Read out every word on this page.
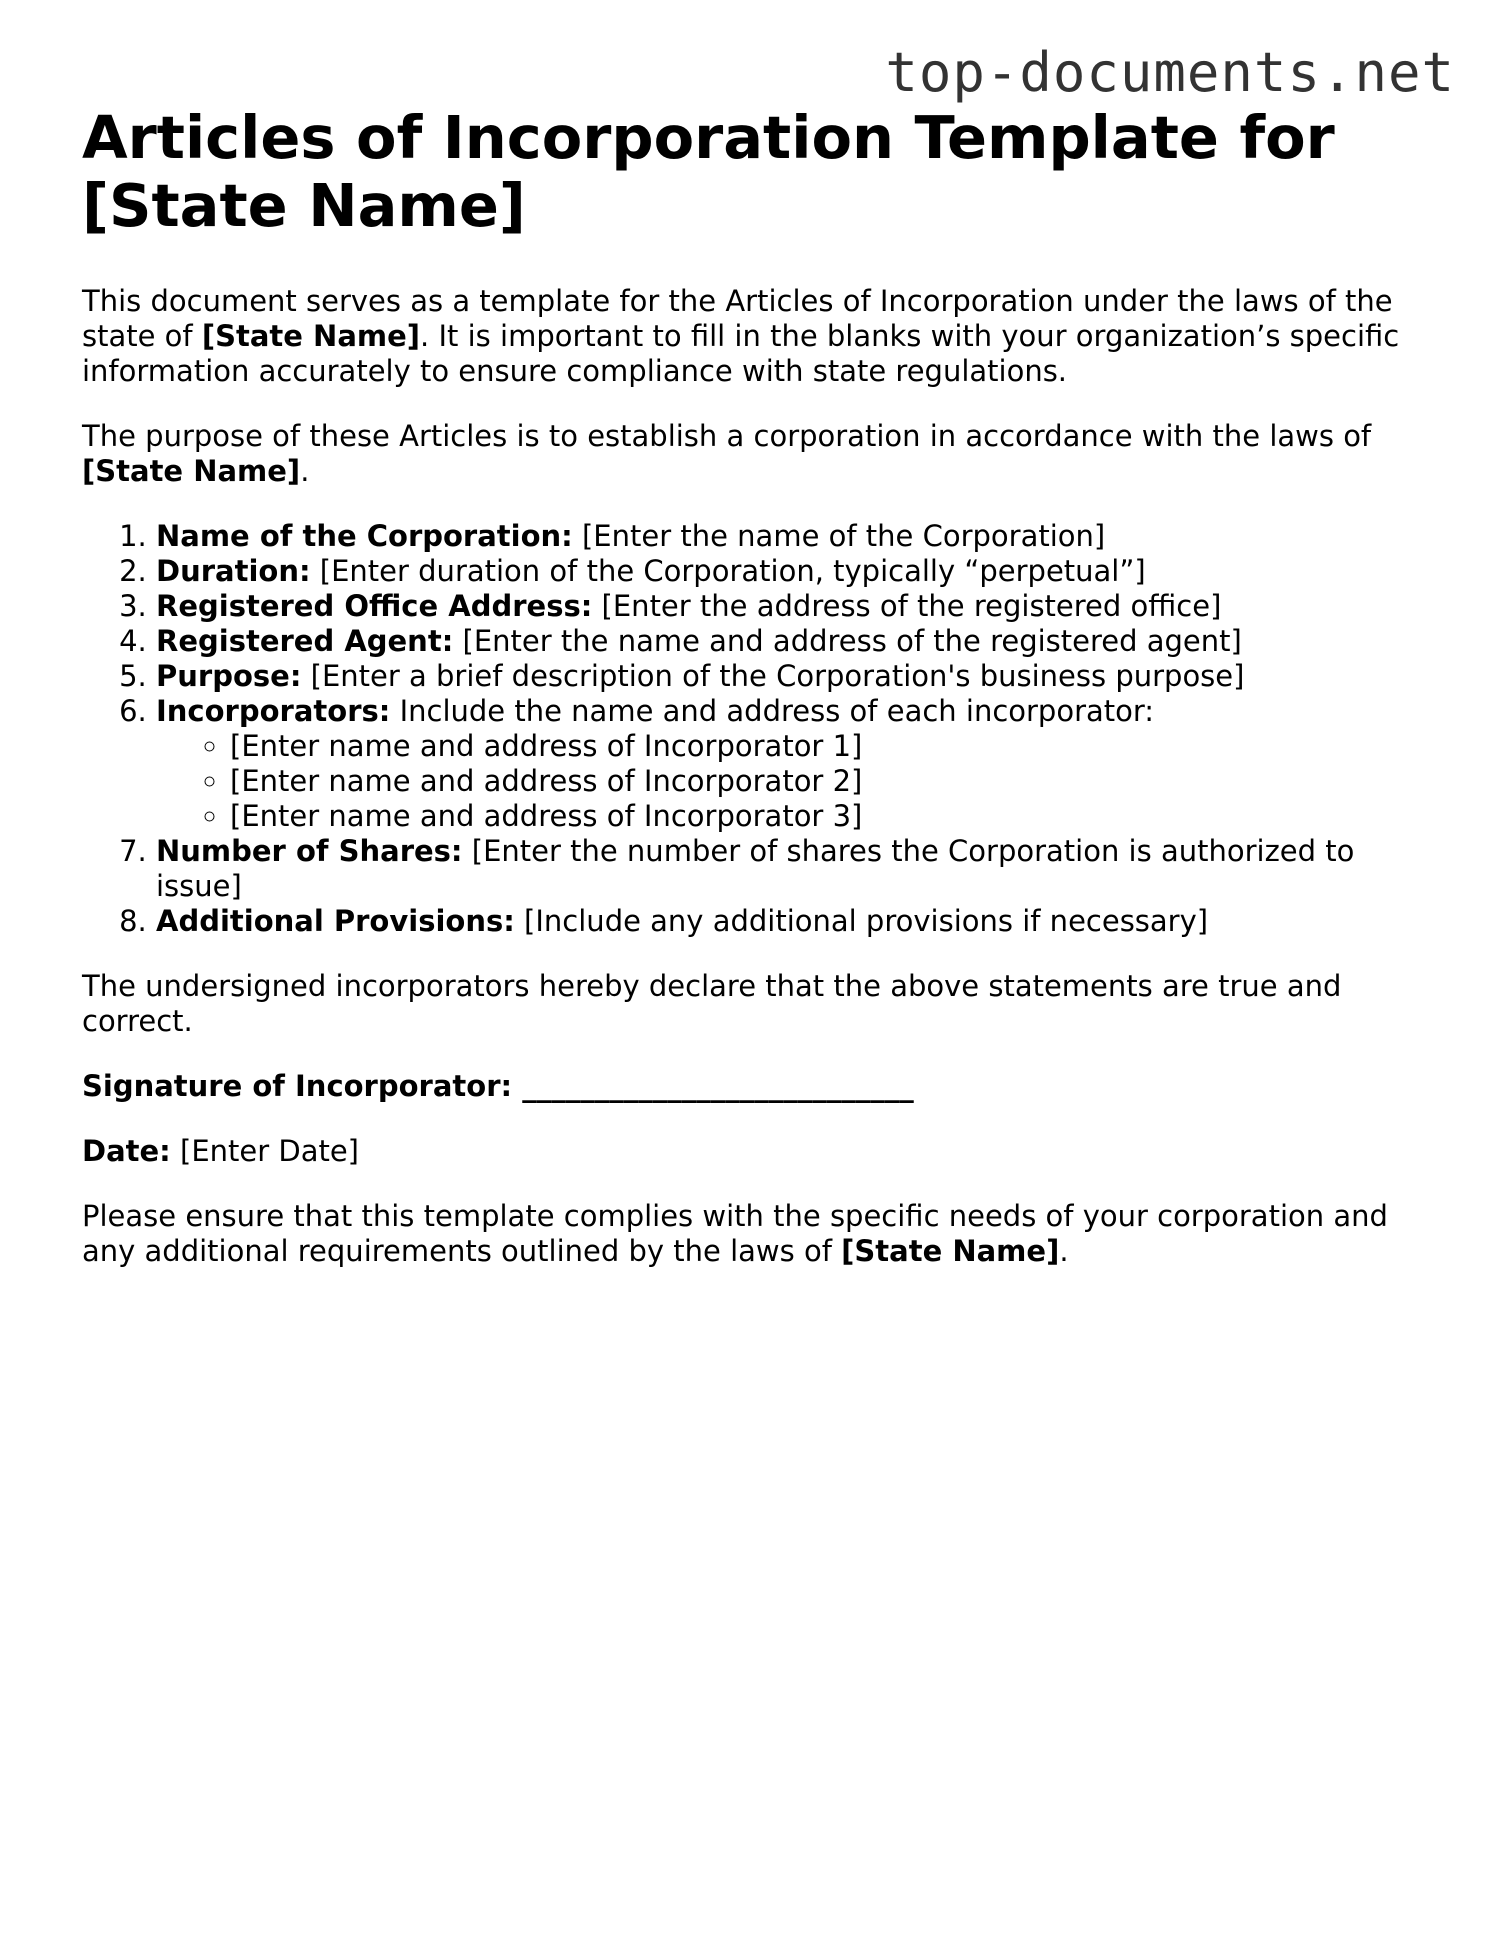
top-documents.net
Articles of Incorporation Template for [State Name]

This document serves as a template for the Articles of Incorporation under the laws of the state of [State Name]. It is important to fill in the blanks with your organization’s specific information accurately to ensure compliance with state regulations.

The purpose of these Articles is to establish a corporation in accordance with the laws of [State Name].

1. Name of the Corporation: [Enter the name of the Corporation]
2. Duration: [Enter duration of the Corporation, typically “perpetual”]
3. Registered Office Address: [Enter the address of the registered office]
4. Registered Agent: [Enter the name and address of the registered agent]
5. Purpose: [Enter a brief description of the Corporation's business purpose]
6. Incorporators: Include the name and address of each incorporator:
◦ [Enter name and address of Incorporator 1]
◦ [Enter name and address of Incorporator 2]
◦ [Enter name and address of Incorporator 3]
7. Number of Shares: [Enter the number of shares the Corporation is authorized to issue]
8. Additional Provisions: [Include any additional provisions if necessary]

The undersigned incorporators hereby declare that the above statements are true and correct.

Signature of Incorporator: ___________________________

Date: [Enter Date]

Please ensure that this template complies with the specific needs of your corporation and any additional requirements outlined by the laws of [State Name].
